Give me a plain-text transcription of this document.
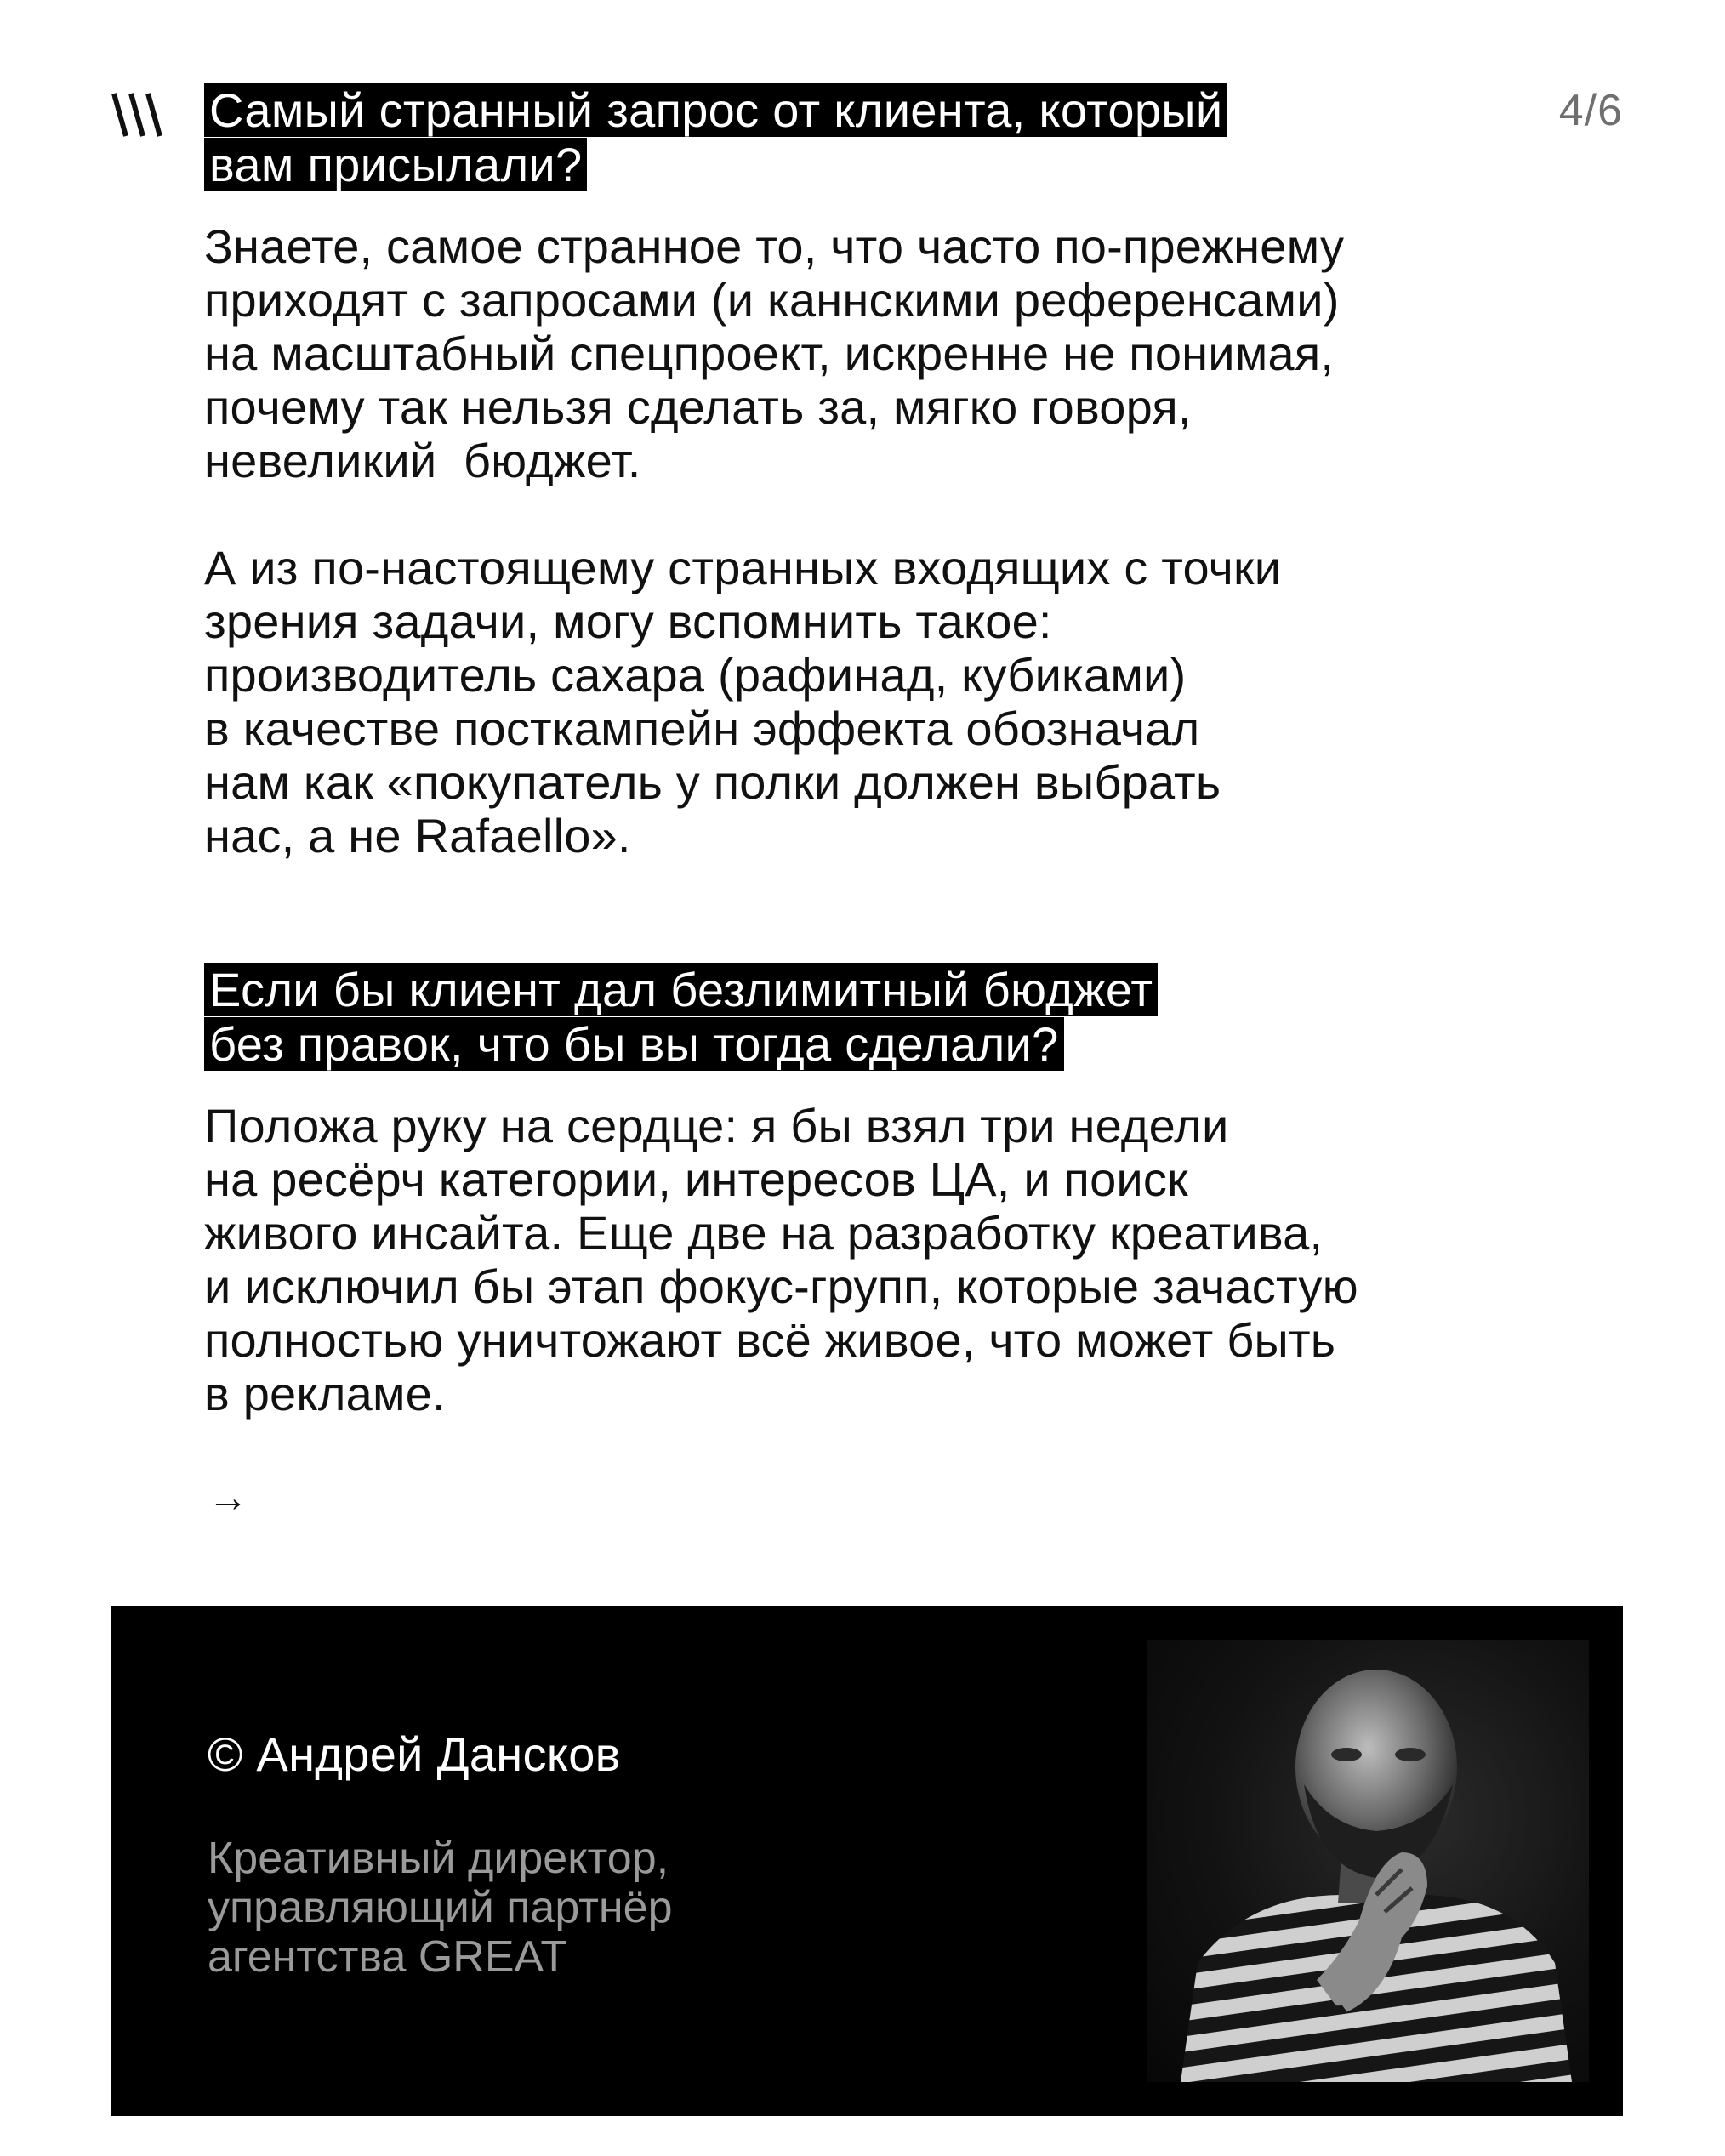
4/6
Самый странный запрос от клиента, который
вам присылали?

Знаете, самое странное то, что часто по-прежнему
приходят с запросами (и каннскими референсами)
на масштабный спецпроект, искренне не понимая,
почему так нельзя сделать за, мягко говоря,
невеликий  бюджет.

А из по-настоящему странных входящих с точки
зрения задачи, могу вспомнить такое:
производитель сахара (рафинад, кубиками)
в качестве посткампейн эффекта обозначал
нам как «покупатель у полки должен выбрать
нас, а не Rafaello».

Если бы клиент дал безлимитный бюджет
без правок, что бы вы тогда сделали?

Положа руку на сердце: я бы взял три недели
на ресёрч категории, интересов ЦА, и поиск
живого инсайта. Еще две на разработку креатива,
и исключил бы этап фокус-групп, которые зачастую
полностью уничтожают всё живое, что может быть
в рекламе.

→
© Андрей Дансков

Креативный директор,
управляющий партнёр
агентства GREAT
